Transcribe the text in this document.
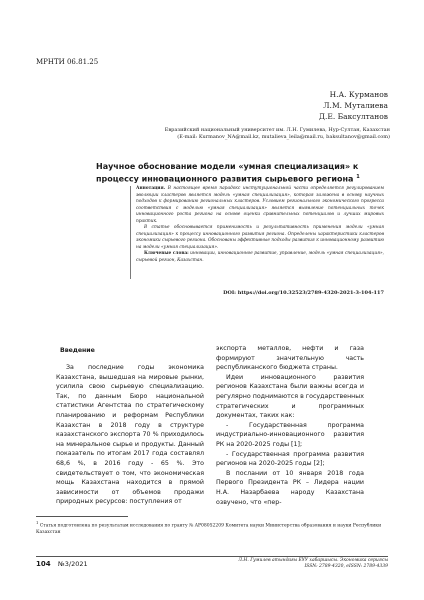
МРНТИ 06.81.25
Н.А. Курманов
Л.М. Муталиева
Д.Е. Баксултанов
Евразийский национальный университет им. Л.Н. Гумилева, Нур-Султан, Казахстан
(E-mail: Kurmanov_NA@mail.kz, mutalieva_leila@mail.ru, baksultanov@gmail.com)
Научное обоснование модели «умная специализация» к процессу инновационного развития сырьевого региона $^1$
Аннотация. В настоящее время парадокс инстутуциональной части определяется регулированием эволюции кластеров является модель «умная специализация», которая заложена в основу научных подходов к формированию региональных кластеров. Условием регионального экономического прогресса соответствия с моделью «умная специализация» является выявление потенциальных точек инновационного роста региона на основе оценки сравнительных потенциалов и лучших мировых практик.
В статье обосновывается применимость и результативность применения модели «умная специализация» к процессу инновационного развития региона. Определены характеристики кластеров экономики сырьевого региона. Обоснованы эффективные подходы развития к инновационному развитию на модели «умная специализация».
Ключевые слова: инновации, инновационное развитие, управление, модель «умная специализация», сырьевой регион, Казахстан.
DOI: https://doi.org/10.32523/2789-4320-2021-3-104-117
Введение

За последние годы экономика Казахстана, вышедшая на мировые рынки, усилила свою сырьевую специализацию. Так, по данным Бюро национальной статистики Агентства по стратегическому планированию и реформам Республики Казахстан в 2018 году в структуре казахстанского экспорта 70 % приходилось на минеральное сырье и продукты. Данный показатель по итогам 2017 года составлял 68,6 %, в 2016 году - 65 %. Это свидетельствует о том, что экономическая мощь Казахстана находится в прямой зависимости от объемов продажи природных ресурсов: поступления от

экспорта металлов, нефти и газа формируют значительную часть республиканского бюджета страны.

Идеи инновационного развития регионов Казахстана были важны всегда и регулярно поднимаются в государственных стратегических и программных документах, таких как:

- Государственная программа индустриально-инновационного развития РК на 2020-2025 годы [1];

- Государственная программа развития регионов на 2020-2025 годы [2];

В послании от 10 января 2018 года Первого Президента РК – Лидера нации Н.А. Назарбаева народу Казахстана озвучено, что «пер-

$^1$ Статья подготовлена по результатам исследования по гранту № AP08052209 Комитета науки Министерства образования и науки Республики Казахстан
104 №3/2021	Л.Н. Гумилев атындағы ЕҰУ хабаршысы. Экономика сериясы
ISSN: 2789-4320, eISSN: 2789-4339
